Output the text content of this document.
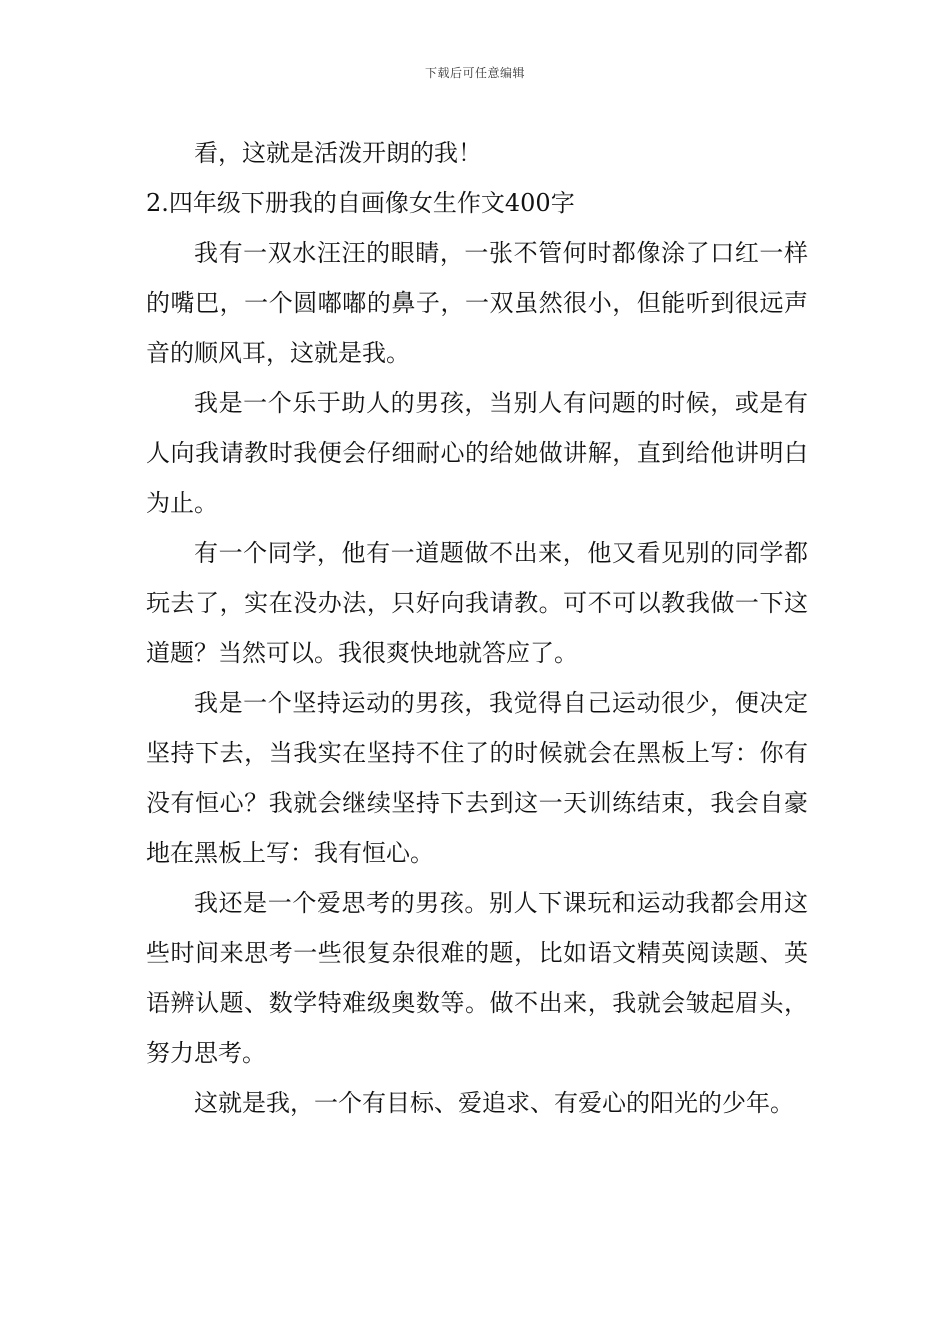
下载后可任意编辑

看，这就是活泼开朗的我！

2.四年级下册我的自画像女生作文400字

我有一双水汪汪的眼睛，一张不管何时都像涂了口红一样的嘴巴，一个圆嘟嘟的鼻子，一双虽然很小，但能听到很远声音的顺风耳，这就是我。

我是一个乐于助人的男孩，当别人有问题的时候，或是有人向我请教时我便会仔细耐心的给她做讲解，直到给他讲明白为止。

有一个同学，他有一道题做不出来，他又看见别的同学都玩去了，实在没办法，只好向我请教。可不可以教我做一下这道题？当然可以。我很爽快地就答应了。

我是一个坚持运动的男孩，我觉得自己运动很少，便决定坚持下去，当我实在坚持不住了的时候就会在黑板上写：你有没有恒心？我就会继续坚持下去到这一天训练结束，我会自豪地在黑板上写：我有恒心。

我还是一个爱思考的男孩。别人下课玩和运动我都会用这些时间来思考一些很复杂很难的题，比如语文精英阅读题、英语辨认题、数学特难级奥数等。做不出来，我就会皱起眉头，努力思考。

这就是我，一个有目标、爱追求、有爱心的阳光的少年。
